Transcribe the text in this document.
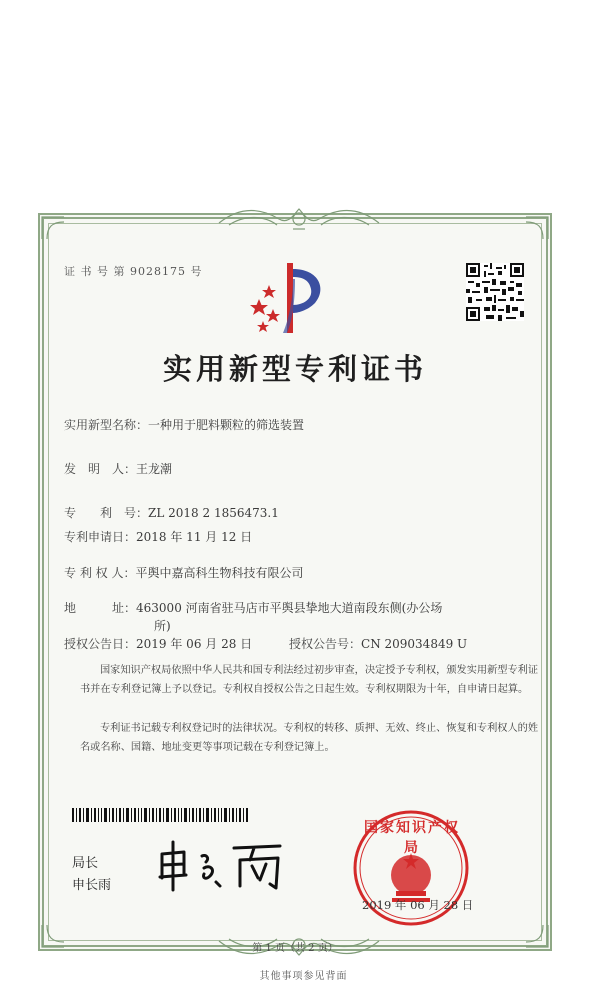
证 书 号 第 9028175 号
实用新型专利证书
实用新型名称：一种用于肥料颗粒的筛选装置
发　明　人：王龙潮
专　　利　号：ZL 2018 2 1856473.1
专利申请日：2018 年 11 月 12 日
专 利 权 人：平舆中嘉高科生物科技有限公司
地　　　址：463000 河南省驻马店市平舆县挚地大道南段东侧(办公场
所)
授权公告日：2019 年 06 月 28 日	授权公告号：CN 209034849 U
国家知识产权局依照中华人民共和国专利法经过初步审查，决定授予专利权，颁发实用新型专利证书并在专利登记簿上予以登记。专利权自授权公告之日起生效。专利权期限为十年，自申请日起算。
专利证书记载专利权登记时的法律状况。专利权的转移、质押、无效、终止、恢复和专利权人的姓名或名称、国籍、地址变更等事项记载在专利登记簿上。
局长
申长雨
国家知识产权局
2019 年 06 月 28 日
第 1 页（共 2 页）
其他事项参见背面
